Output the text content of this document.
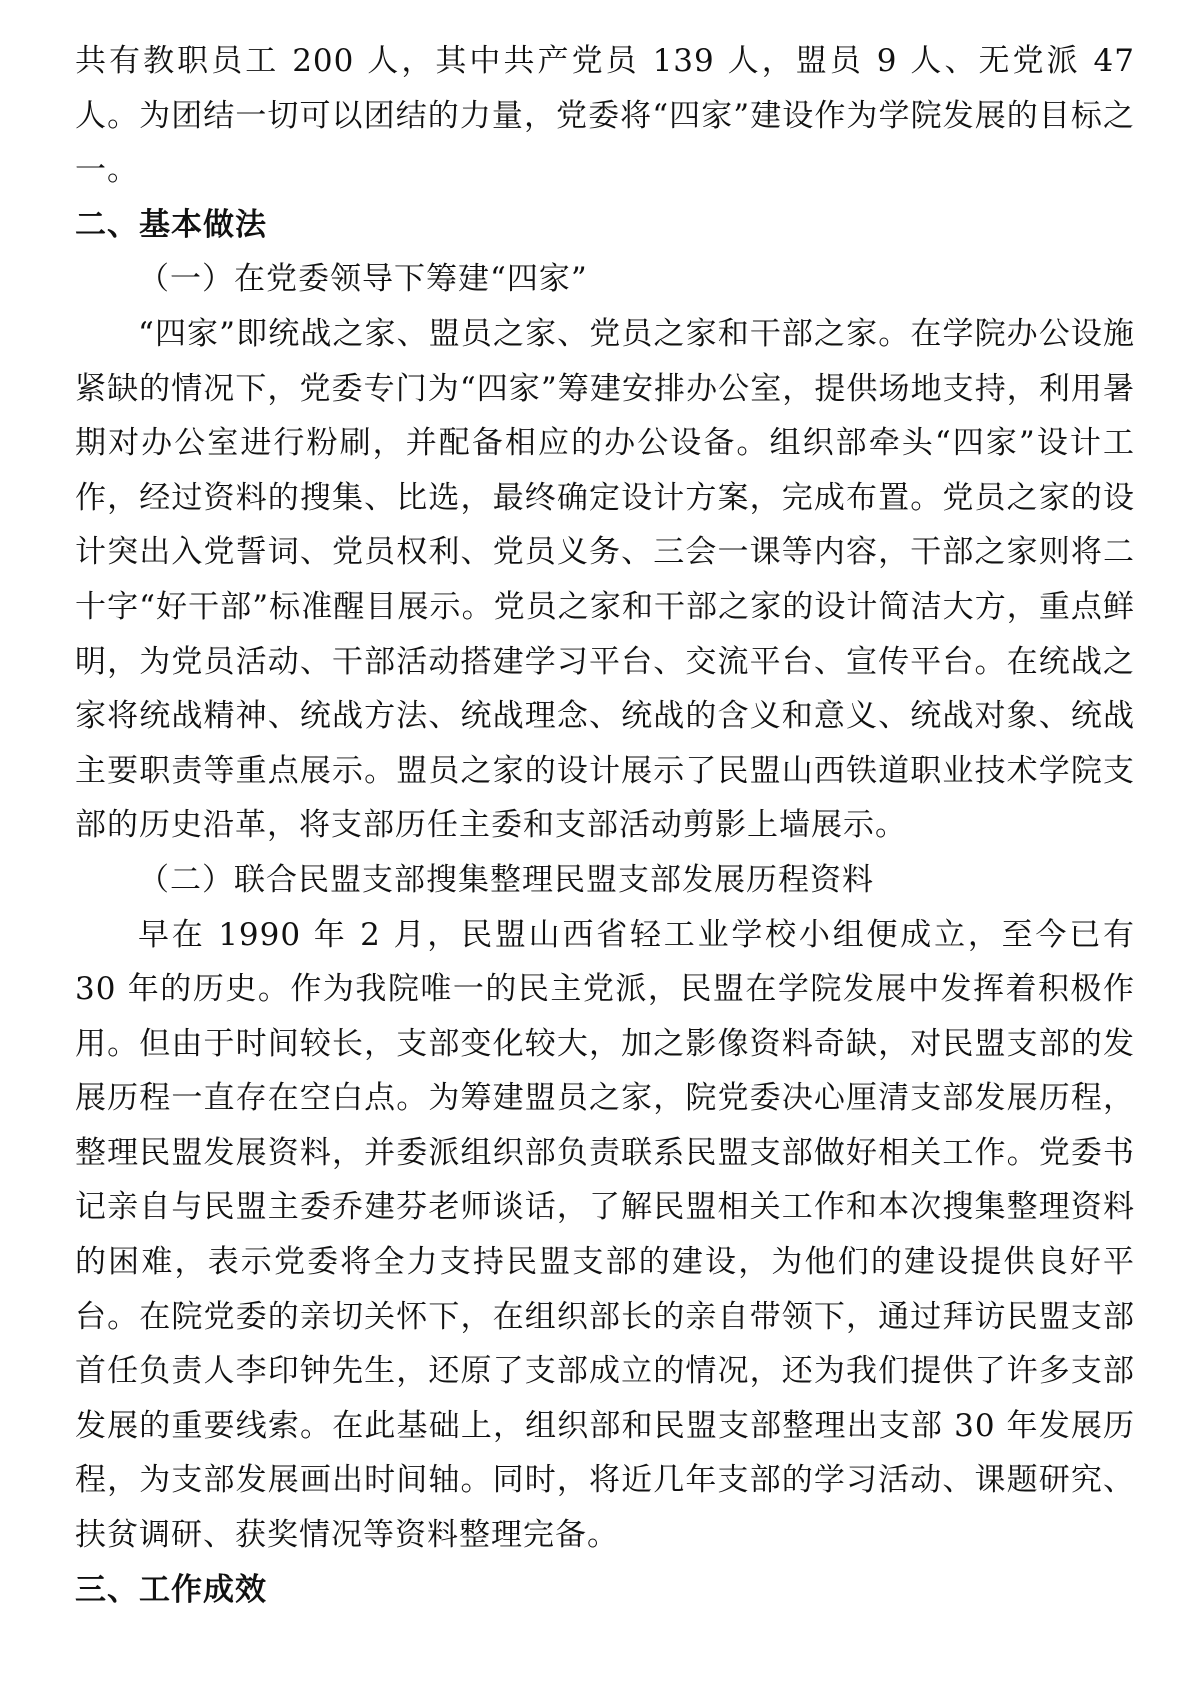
共有教职员工 200 人，其中共产党员 139 人，盟员 9 人、无党派 47 人。为团结一切可以团结的力量，党委将“四家”建设作为学院发展的目标之一。

二、基本做法

（一）在党委领导下筹建“四家”

“四家”即统战之家、盟员之家、党员之家和干部之家。在学院办公设施紧缺的情况下，党委专门为“四家”筹建安排办公室，提供场地支持，利用暑期对办公室进行粉刷，并配备相应的办公设备。组织部牵头“四家”设计工作，经过资料的搜集、比选，最终确定设计方案，完成布置。党员之家的设计突出入党誓词、党员权利、党员义务、三会一课等内容，干部之家则将二十字“好干部”标准醒目展示。党员之家和干部之家的设计简洁大方，重点鲜明，为党员活动、干部活动搭建学习平台、交流平台、宣传平台。在统战之家将统战精神、统战方法、统战理念、统战的含义和意义、统战对象、统战主要职责等重点展示。盟员之家的设计展示了民盟山西铁道职业技术学院支部的历史沿革，将支部历任主委和支部活动剪影上墙展示。

（二）联合民盟支部搜集整理民盟支部发展历程资料

早在 1990 年 2 月，民盟山西省轻工业学校小组便成立，至今已有 30 年的历史。作为我院唯一的民主党派，民盟在学院发展中发挥着积极作用。但由于时间较长，支部变化较大，加之影像资料奇缺，对民盟支部的发展历程一直存在空白点。为筹建盟员之家，院党委决心厘清支部发展历程，整理民盟发展资料，并委派组织部负责联系民盟支部做好相关工作。党委书记亲自与民盟主委乔建芬老师谈话，了解民盟相关工作和本次搜集整理资料的困难，表示党委将全力支持民盟支部的建设，为他们的建设提供良好平台。在院党委的亲切关怀下，在组织部长的亲自带领下，通过拜访民盟支部首任负责人李印钟先生，还原了支部成立的情况，还为我们提供了许多支部发展的重要线索。在此基础上，组织部和民盟支部整理出支部 30 年发展历程，为支部发展画出时间轴。同时，将近几年支部的学习活动、课题研究、扶贫调研、获奖情况等资料整理完备。

三、工作成效
